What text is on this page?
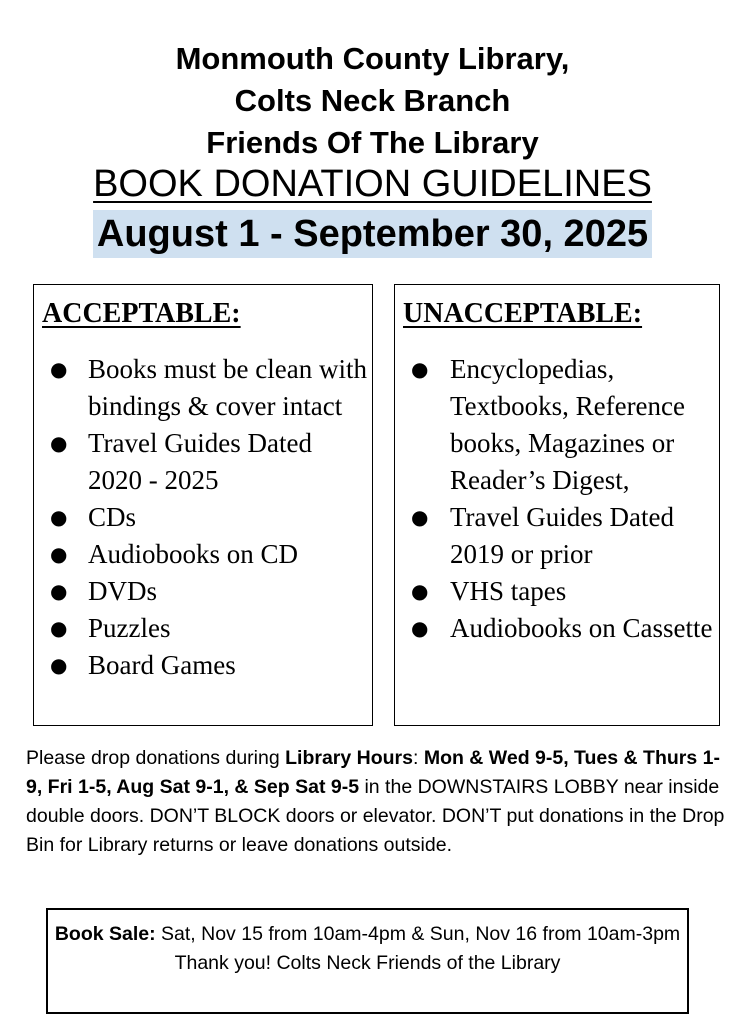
Monmouth County Library,
Colts Neck Branch
Friends Of The Library
BOOK DONATION GUIDELINES
August 1 - September 30, 2025
ACCEPTABLE:
● Books must be clean with bindings & cover intact
● Travel Guides Dated 2020 - 2025
● CDs
● Audiobooks on CD
● DVDs
● Puzzles
● Board Games
UNACCEPTABLE:
● Encyclopedias, Textbooks, Reference books, Magazines or Reader’s Digest,
● Travel Guides Dated 2019 or prior
● VHS tapes
● Audiobooks on Cassette
Please drop donations during Library Hours: Mon & Wed 9-5, Tues & Thurs 1-9, Fri 1-5, Aug Sat 9-1, & Sep Sat 9-5 in the DOWNSTAIRS LOBBY near inside double doors. DON’T BLOCK doors or elevator. DON’T put donations in the Drop Bin for Library returns or leave donations outside.
Book Sale: Sat, Nov 15 from 10am-4pm & Sun, Nov 16 from 10am-3pm
Thank you! Colts Neck Friends of the Library
